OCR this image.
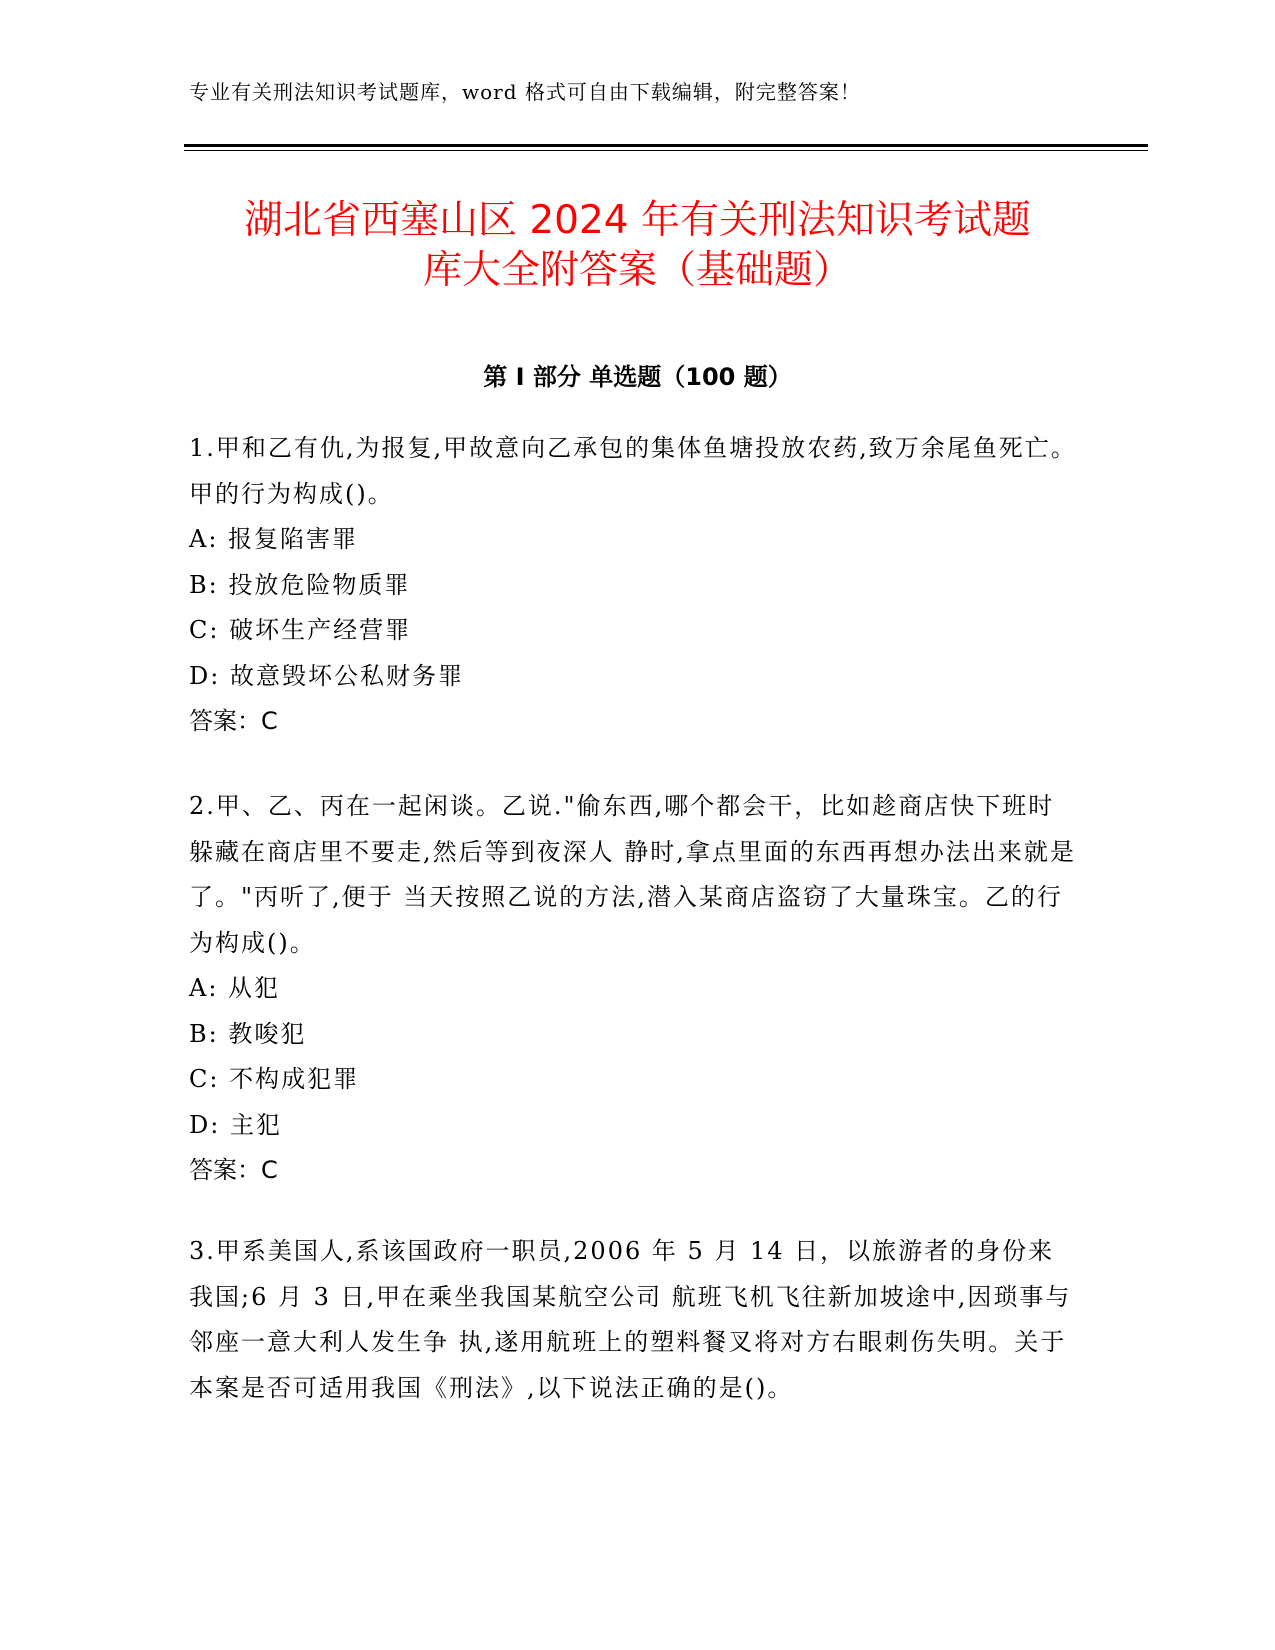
专业有关刑法知识考试题库，word 格式可自由下载编辑，附完整答案！
湖北省西塞山区 2024 年有关刑法知识考试题
库大全附答案（基础题）
第 I 部分 单选题（100 题）

1.甲和乙有仇,为报复,甲故意向乙承包的集体鱼塘投放农药,致万余尾鱼死亡。甲的行为构成()。

A: 报复陷害罪

B: 投放危险物质罪

C: 破坏生产经营罪

D: 故意毁坏公私财务罪

答案：C

2.甲、乙、丙在一起闲谈。乙说."偷东西,哪个都会干，比如趁商店快下班时躲藏在商店里不要走,然后等到夜深人 静时,拿点里面的东西再想办法出来就是了。"丙听了,便于 当天按照乙说的方法,潜入某商店盗窃了大量珠宝。乙的行为构成()。

A: 从犯

B: 教唆犯

C: 不构成犯罪

D: 主犯

答案：C

3.甲系美国人,系该国政府一职员,2006 年 5 月 14 日，以旅游者的身份来我国;6 月 3 日,甲在乘坐我国某航空公司 航班飞机飞往新加坡途中,因琐事与邻座一意大利人发生争 执,遂用航班上的塑料餐叉将对方右眼刺伤失明。关于本案是否可适用我国《刑法》,以下说法正确的是()。
